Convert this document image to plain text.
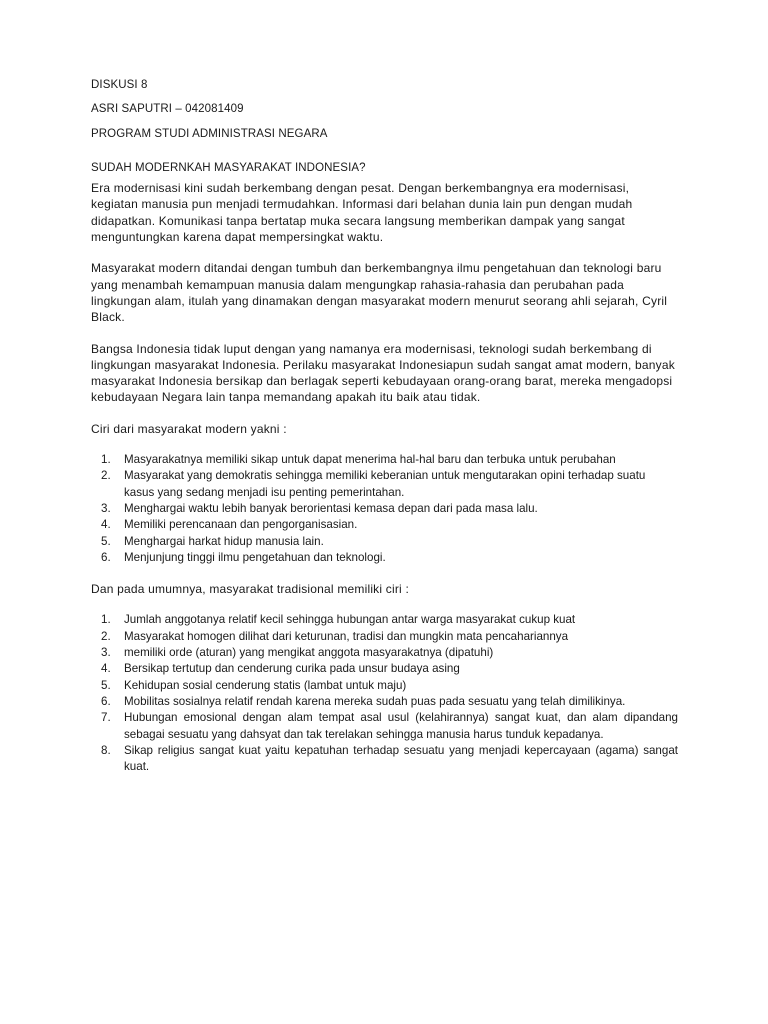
DISKUSI 8

ASRI SAPUTRI – 042081409

PROGRAM STUDI ADMINISTRASI NEGARA

SUDAH MODERNKAH MASYARAKAT INDONESIA?

Era modernisasi kini sudah berkembang dengan pesat. Dengan berkembangnya era modernisasi, kegiatan manusia pun menjadi termudahkan. Informasi dari belahan dunia lain pun dengan mudah didapatkan. Komunikasi tanpa bertatap muka secara langsung memberikan dampak yang sangat menguntungkan karena dapat mempersingkat waktu.

Masyarakat modern ditandai dengan tumbuh dan berkembangnya ilmu pengetahuan dan teknologi baru yang menambah kemampuan manusia dalam mengungkap rahasia-rahasia dan perubahan pada lingkungan alam, itulah yang dinamakan dengan masyarakat modern menurut seorang ahli sejarah, Cyril Black.

Bangsa Indonesia tidak luput dengan yang namanya era modernisasi, teknologi sudah berkembang di lingkungan masyarakat Indonesia. Perilaku masyarakat Indonesiapun sudah sangat amat modern, banyak masyarakat Indonesia bersikap dan berlagak seperti kebudayaan orang-orang barat, mereka mengadopsi kebudayaan Negara lain tanpa memandang apakah itu baik atau tidak.

Ciri dari masyarakat modern yakni :

1. Masyarakatnya memiliki sikap untuk dapat menerima hal-hal baru dan terbuka untuk perubahan
2. Masyarakat yang demokratis sehingga memiliki keberanian untuk mengutarakan opini terhadap suatu kasus yang sedang menjadi isu penting pemerintahan.
3. Menghargai waktu lebih banyak berorientasi kemasa depan dari pada masa lalu.
4. Memiliki perencanaan dan pengorganisasian.
5. Menghargai harkat hidup manusia lain.
6. Menjunjung tinggi ilmu pengetahuan dan teknologi.

Dan pada umumnya, masyarakat tradisional memiliki ciri :

1. Jumlah anggotanya relatif kecil sehingga hubungan antar warga masyarakat cukup kuat
2. Masyarakat homogen dilihat dari keturunan, tradisi dan mungkin mata pencahariannya
3. memiliki orde (aturan) yang mengikat anggota masyarakatnya (dipatuhi)
4. Bersikap tertutup dan cenderung curika pada unsur budaya asing
5. Kehidupan sosial cenderung statis (lambat untuk maju)
6. Mobilitas sosialnya relatif rendah karena mereka sudah puas pada sesuatu yang telah dimilikinya.
7. Hubungan emosional dengan alam tempat asal usul (kelahirannya) sangat kuat, dan alam dipandang sebagai sesuatu yang dahsyat dan tak terelakan sehingga manusia harus tunduk kepadanya.
8. Sikap religius sangat kuat yaitu kepatuhan terhadap sesuatu yang menjadi kepercayaan (agama) sangat kuat.
